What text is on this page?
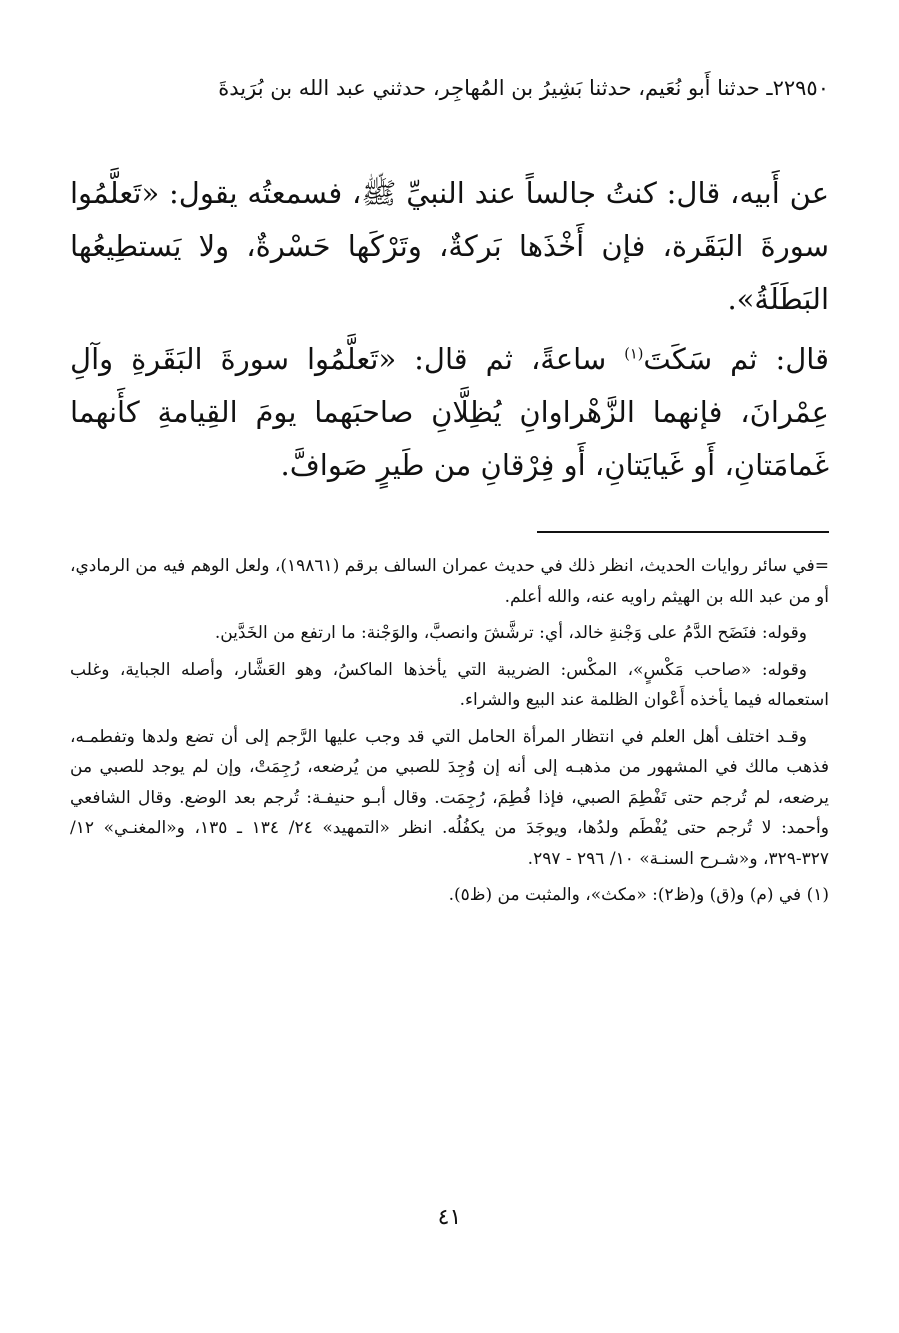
٢٢٩٥٠ـ حدثنا أَبو نُعَيم، حدثنا بَشِيرُ بن المُهاجِر، حدثني عبد الله بن بُرَيدةَ
عن أَبيه، قال: كنتُ جالساً عند النبيِّ ﷺ، فسمعتُه يقول: «تَعلَّمُوا سورةَ البَقَرة، فإن أَخْذَها بَركةٌ، وتَرْكَها حَسْرةٌ، ولا يَستطِيعُها البَطَلَةُ».
قال: ثم سَكَتَ$^{(١)}$ ساعةً، ثم قال: «تَعلَّمُوا سورةَ البَقَرةِ وآلِ عِمْرانَ، فإنهما الزَّهْراوانِ يُظِلَّانِ صاحبَهما يومَ القِيامةِ كأَنهما غَمامَتانِ، أَو غَيايَتانِ، أَو فِرْقانِ من طَيرٍ صَوافَّ.

=في سائر روايات الحديث، انظر ذلك في حديث عمران السالف برقم (١٩٨٦١)، ولعل الوهم فيه من الرمادي، أو من عبد الله بن الهيثم راويه عنه، والله أعلم.

وقوله: فنَضَح الدَّمُ على وَجْنةِ خالد، أي: ترشَّشَ وانصبَّ، والوَجْنة: ما ارتفع من الخَدَّين.

وقوله: «صاحب مَكْسٍ»، المكْس: الضريبة التي يأخذها الماكسُ، وهو العَشَّار، وأصله الجباية، وغلب استعماله فيما يأخذه أَعْوان الظلمة عند البيع والشراء.

وقـد اختلف أهل العلم في انتظار المرأة الحامل التي قد وجب عليها الرَّجم إلى أن تضع ولدها وتفطمـه، فذهب مالك في المشهور من مذهبـه إلى أنه إن وُجِدَ للصبي من يُرضعه، رُجِمَتْ، وإن لم يوجد للصبي من يرضعه، لم تُرجم حتى تَفْطِمَ الصبي، فإذا فُطِمَ، رُجِمَت. وقال أبـو حنيفـة: تُرجم بعد الوضع. وقال الشافعي وأحمد: لا تُرجم حتى يُفْطَم ولدُها، ويوجَدَ من يكفُلُه. انظر «التمهيد» ٢٤/ ١٣٤ ـ ١٣٥، و«المغنـي» ١٢/ ٣٢٧-٣٢٩، و«شـرح السنـة» ١٠/ ٢٩٦ - ٢٩٧.

(١) في (م) و(ق) و(ظ٢): «مكث»، والمثبت من (ظ٥).

٤١
